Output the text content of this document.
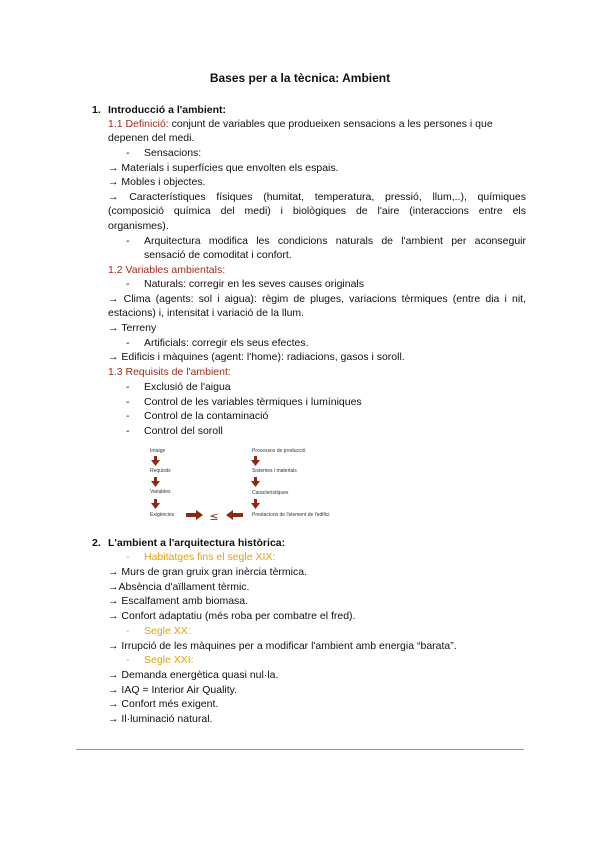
Bases per a la tècnica: Ambient
1. Introducció a l'ambient:
1.1 Definició: conjunt de variables que produeixen sensacions a les persones i que
depenen del medi.
- Sensacions:
→ Materials i superfícies que envolten els espais.
→ Mobles i objectes.
→ Característiques físiques (humitat, temperatura, pressió, llum,..), químiques
(composició química del medi) i biològiques de l'aire (interaccions entre els
organismes).
-	Arquitectura modifica les condicions naturals de l'ambient per aconseguir
sensació de comoditat i confort.
1.2 Variables ambientals:
- Naturals: corregir en les seves causes originals
→ Clima (agents: sol i aigua): règim de pluges, variacions tèrmiques (entre dia i nit,
estacions) i, intensitat i variació de la llum.
→ Terreny
- Artificials: corregir els seus efectes.
→ Edificis i màquines (agent: l'home): radiacions, gasos i soroll.
1.3 Requisits de l'ambient:
- Exclusió de l'aigua
- Control de les variables tèrmiques i lumíniques
- Control de la contaminació
- Control del soroll
Imatge
Requisits
Variables
Exigències
Processos de producció
Sistemes i materials
Característiques
Prestacions de l'element de l'edifici
≤
2. L'ambient a l'arquitectura històrica:
- Habitatges fins el segle XIX:
→ Murs de gran gruix gran inèrcia tèrmica.
→Absència d'aïllament tèrmic.
→ Escalfament amb biomasa.
→ Confort adaptatiu (més roba per combatre el fred).
- Segle XX:
→ Irrupció de les màquines per a modificar l'ambient amb energia “barata”.
- Segle XXI:
→ Demanda energètica quasi nul·la.
→ IAQ = Interior Air Quality.
→ Confort més exigent.
→ Il·luminació natural.
